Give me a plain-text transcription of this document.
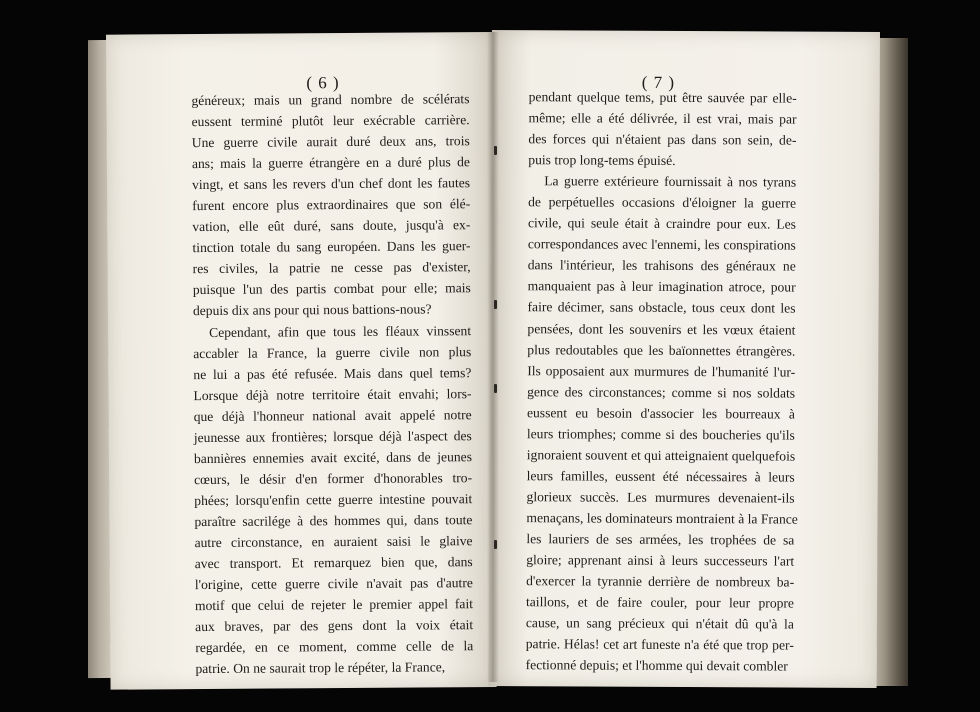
( 6 )
généreux; mais un grand nombre de scélérats
eussent terminé plutôt leur exécrable carrière.
Une guerre civile aurait duré deux ans, trois
ans; mais la guerre étrangère en a duré plus de
vingt, et sans les revers d'un chef dont les fautes
furent encore plus extraordinaires que son élé-
vation, elle eût duré, sans doute, jusqu'à ex-
tinction totale du sang européen. Dans les guer-
res civiles, la patrie ne cesse pas d'exister,
puisque l'un des partis combat pour elle; mais
depuis dix ans pour qui nous battions-nous?
Cependant, afin que tous les fléaux vinssent
accabler la France, la guerre civile non plus
ne lui a pas été refusée. Mais dans quel tems?
Lorsque déjà notre territoire était envahi; lors-
que déjà l'honneur national avait appelé notre
jeunesse aux frontières; lorsque déjà l'aspect des
bannières ennemies avait excité, dans de jeunes
cœurs, le désir d'en former d'honorables tro-
phées; lorsqu'enfin cette guerre intestine pouvait
paraître sacrilége à des hommes qui, dans toute
autre circonstance, en auraient saisi le glaive
avec transport. Et remarquez bien que, dans
l'origine, cette guerre civile n'avait pas d'autre
motif que celui de rejeter le premier appel fait
aux braves, par des gens dont la voix était
regardée, en ce moment, comme celle de la
patrie. On ne saurait trop le répéter, la France,
( 7 )
pendant quelque tems, put être sauvée par elle-
même; elle a été délivrée, il est vrai, mais par
des forces qui n'étaient pas dans son sein, de-
puis trop long-tems épuisé.
La guerre extérieure fournissait à nos tyrans
de perpétuelles occasions d'éloigner la guerre
civile, qui seule était à craindre pour eux. Les
correspondances avec l'ennemi, les conspirations
dans l'intérieur, les trahisons des généraux ne
manquaient pas à leur imagination atroce, pour
faire décimer, sans obstacle, tous ceux dont les
pensées, dont les souvenirs et les vœux étaient
plus redoutables que les baïonnettes étrangères.
Ils opposaient aux murmures de l'humanité l'ur-
gence des circonstances; comme si nos soldats
eussent eu besoin d'associer les bourreaux à
leurs triomphes; comme si des boucheries qu'ils
ignoraient souvent et qui atteignaient quelquefois
leurs familles, eussent été nécessaires à leurs
glorieux succès. Les murmures devenaient-ils
menaçans, les dominateurs montraient à la France
les lauriers de ses armées, les trophées de sa
gloire; apprenant ainsi à leurs successeurs l'art
d'exercer la tyrannie derrière de nombreux ba-
taillons, et de faire couler, pour leur propre
cause, un sang précieux qui n'était dû qu'à la
patrie. Hélas! cet art funeste n'a été que trop per-
fectionné depuis; et l'homme qui devait combler
